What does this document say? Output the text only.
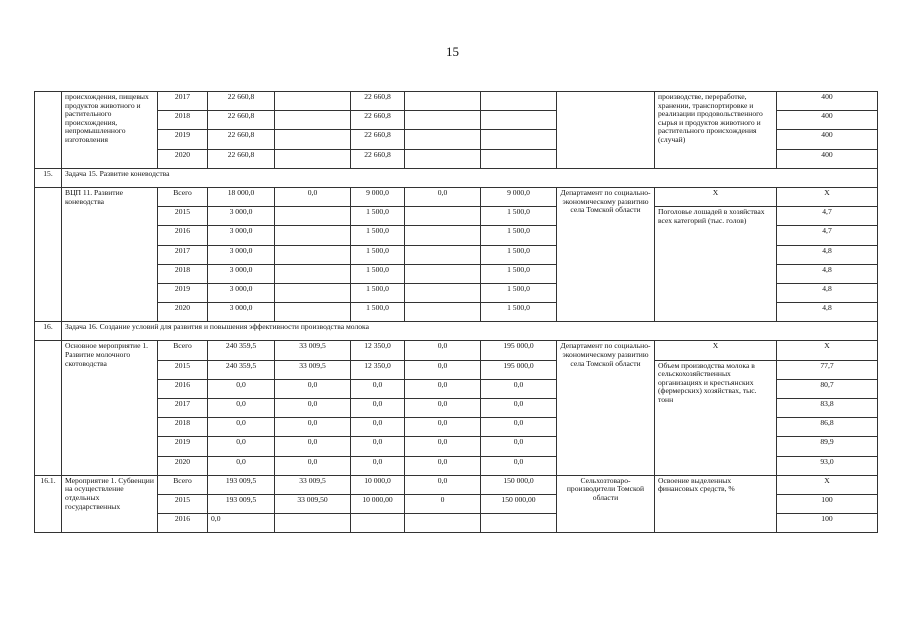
15
	происхождения, пищевых продуктов животного и растительного происхождения, непромышленного изготовления	2017	22 660,8		22 660,8				производстве, переработке, хранении, транспортировке и реализации продовольственного сырья и продуктов животного и растительного происхождения (случай)	400
		2018	22 660,8		22 660,8					400
		2019	22 660,8		22 660,8					400
		2020	22 660,8		22 660,8					400
15.	Задача 15. Развитие коневодства									
	ВЦП 11. Развитие коневодства	Всего	18 000,0	0,0	9 000,0	0,0	9 000,0	Департамент по социально-экономическому развитию села Томской области	Х	Х
		2015	3 000,0		1 500,0		1 500,0		Поголовье лошадей в хозяйствах всех категорий (тыс. голов)	4,7
		2016	3 000,0		1 500,0		1 500,0			4,7
		2017	3 000,0		1 500,0		1 500,0			4,8
		2018	3 000,0		1 500,0		1 500,0			4,8
		2019	3 000,0		1 500,0		1 500,0			4,8
		2020	3 000,0		1 500,0		1 500,0			4,8
16.	Задача 16. Создание условий для развития и повышения эффективности производства молока									
	Основное мероприятие 1. Развитие молочного скотоводства	Всего	240 359,5	33 009,5	12 350,0	0,0	195 000,0	Департамент по социально-экономическому развитию села Томской области	Х	Х
		2015	240 359,5	33 009,5	12 350,0	0,0	195 000,0		Объем производства молока в сельскохозяйственных организациях и крестьянских (фермерских) хозяйствах, тыс. тонн	77,7
		2016	0,0	0,0	0,0	0,0	0,0			80,7
		2017	0,0	0,0	0,0	0,0	0,0			83,8
		2018	0,0	0,0	0,0	0,0	0,0			86,8
		2019	0,0	0,0	0,0	0,0	0,0			89,9
		2020	0,0	0,0	0,0	0,0	0,0			93,0
16.1.	Мероприятие 1. Субвенции на осуществление отдельных государственных	Всего	193 009,5	33 009,5	10 000,0	0,0	150 000,0	Сельхозтоваро-производители Томской области	Освоение выделенных финансовых средств, %	Х
		2015	193 009,5	33 009,50	10 000,00	0	150 000,00			100
		2016	0,0							100
